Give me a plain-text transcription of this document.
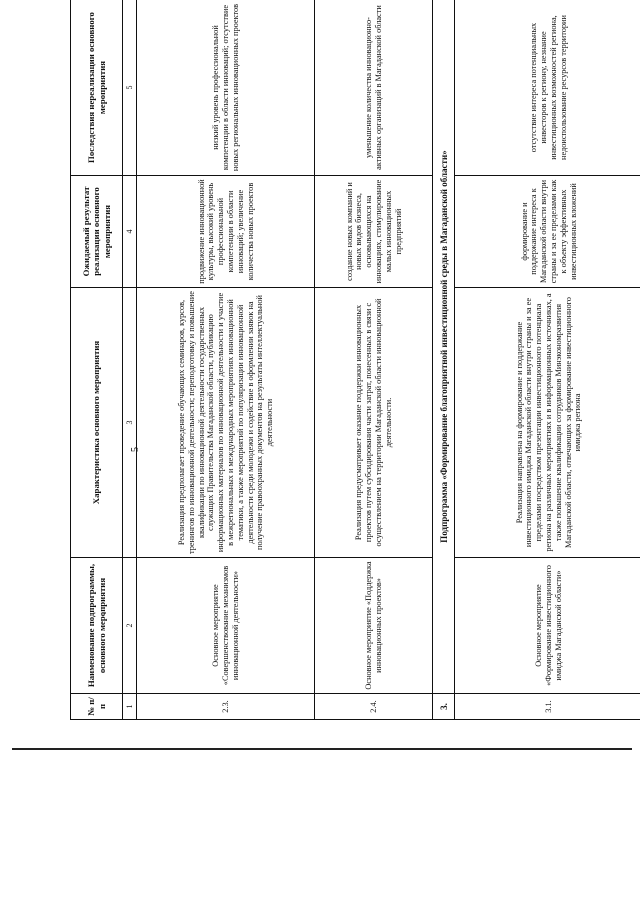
5
№ п/п	Наименование подпрограммы, основного мероприятия	Характеристика основного мероприятия	Ожидаемый результат реализации основного мероприятия	Последствия нереализации основного мероприятия
1	2	3	4	5
2.3.	Основное мероприятие «Совершенствование механизмов инновационной деятельности»	Реализация предполагает проведение обучающих семинаров, курсов, тренингов по инновационной деятельности; переподготовку и повышение квалификации по инновационной деятельности государственных служащих Правительства Магаданской области, публикацию информационных материалов по инновационной деятельности и участие в межрегиональных и международных мероприятиях инновационной тематики, а также мероприятий по популяризации инновационной деятельности среди молодежи и содействие в оформлении заявок на получение правоохранных документов на результаты интеллектуальной деятельности	продвижение инновационной культуры, высокий уровень профессиональной компетенции в области инноваций; увеличение количества новых проектов	низкий уровень профессиональной компетенции в области инноваций; отсутствие новых региональных инновационных проектов
2.4.	Основное мероприятие «Поддержка инновационных проектов»	Реализация предусматривает оказание поддержки инновационных проектов путем субсидирования части затрат, понесенных в связи с осуществлением на территории Магаданской области инновационной деятельности.	создание новых компаний и новых видов бизнеса, основывающихся на инновациях, стимулирование малых инновационных предприятий	уменьшение количества инновационно-активных организаций в Магаданской области
3.	Подпрограмма «Формирование благоприятной инвестиционной среды в Магаданской области»			
3.1.	Основное мероприятие «Формирование инвестиционного имиджа Магаданской области»	Реализация направлена на формирование и поддержание инвестиционного имиджа Магаданской области внутри страны и за ее пределами посредством презентации инвестиционного потенциала региона на различных мероприятиях и в информационных источниках, а также повышение квалификации сотрудников Минэкономразвития Магаданской области, отвечающих за формирование инвестиционного имиджа региона	формирование и поддержание интереса к Магаданской области внутри страны и за ее пределами как к объекту эффективных инвестиционных вложений	отсутствие интереса потенциальных инвесторов к региону, незнание инвестиционных возможностей региона, недоиспользование ресурсов территории
